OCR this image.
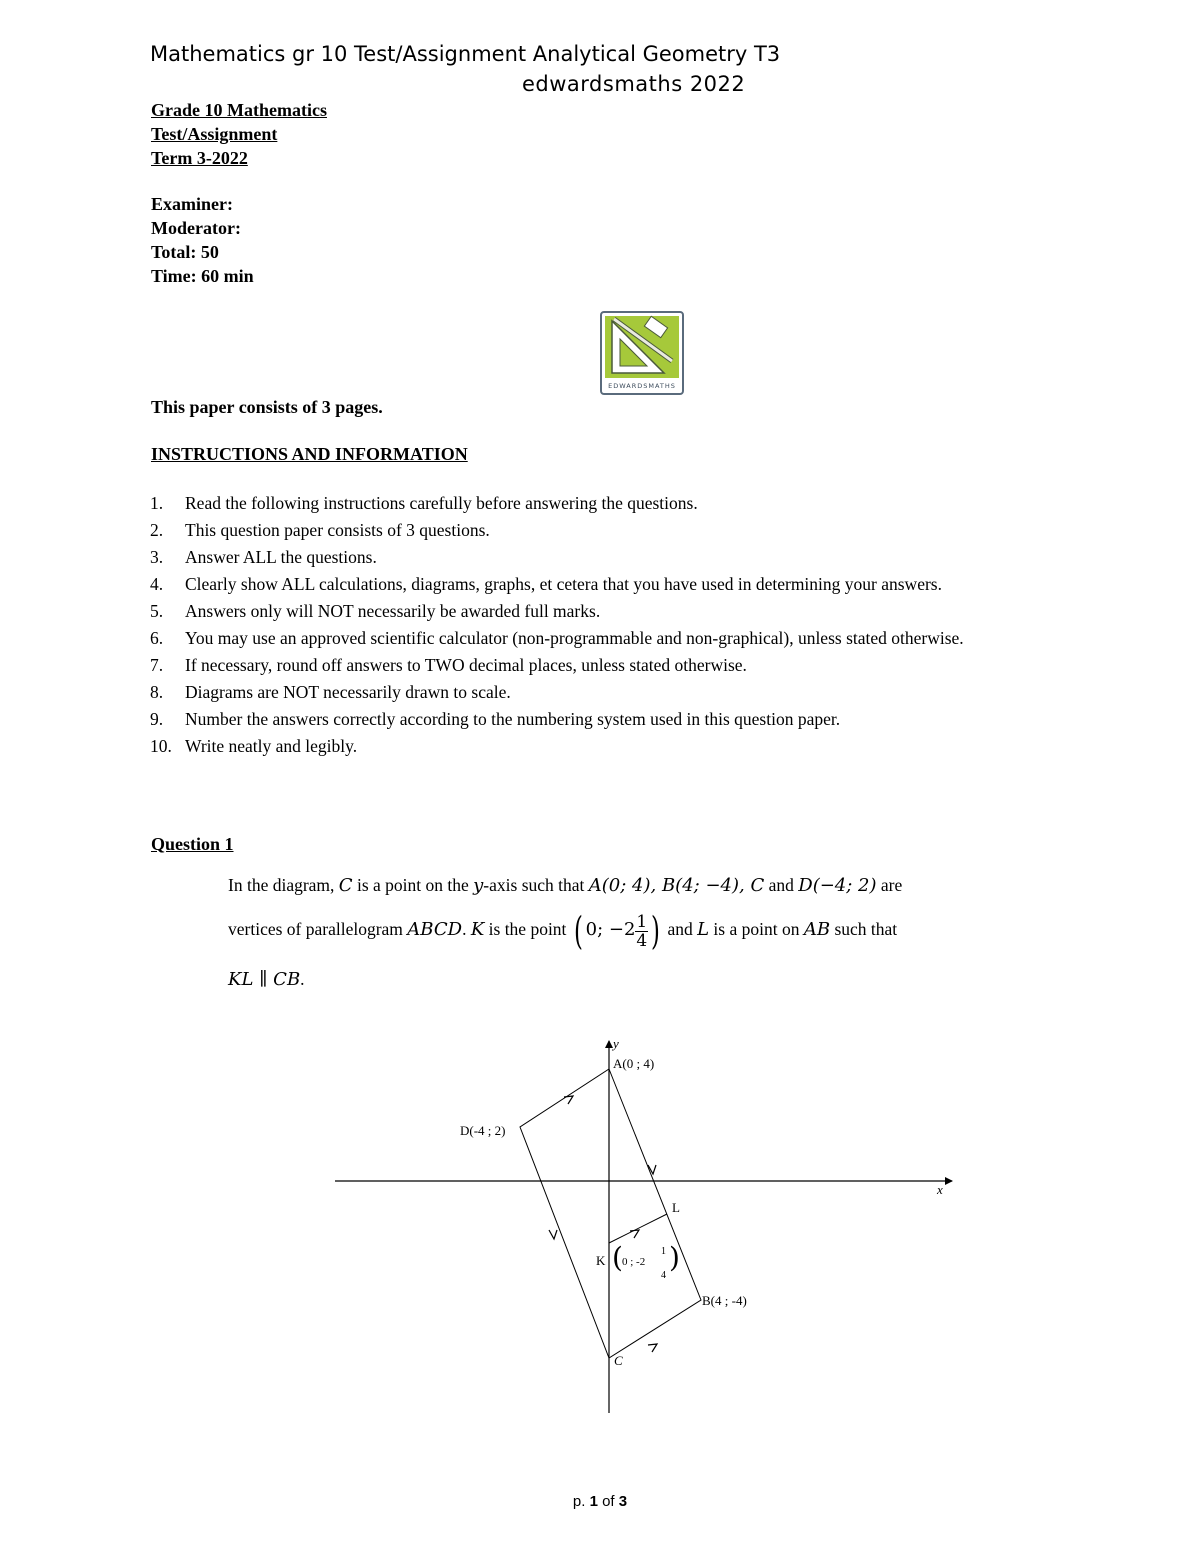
Mathematics gr 10 Test/Assignment Analytical Geometry T3
edwardsmaths 2022
Grade 10 Mathematics
Test/Assignment
Term 3-2022
Examiner:
Moderator:
Total: 50
Time: 60 min
EDWARDSMATHS
This paper consists of 3 pages.
INSTRUCTIONS AND INFORMATION
1. Read the following instructions carefully before answering the questions.
2. This question paper consists of 3 questions.
3. Answer ALL the questions.
4. Clearly show ALL calculations, diagrams, graphs, et cetera that you have used in determining your answers.
5. Answers only will NOT necessarily be awarded full marks.
6. You may use an approved scientific calculator (non-programmable and non-graphical), unless stated otherwise.
7. If necessary, round off answers to TWO decimal places, unless stated otherwise.
8. Diagrams are NOT necessarily drawn to scale.
9. Number the answers correctly according to the numbering system used in this question paper.
10. Write neatly and legibly.
Question 1
In the diagram, C is a point on the y-axis such that A(0; 4), B(4; −4), C and D(−4; 2) are
vertices of parallelogram ABCD. K is the point ( 0; $-2 \frac{1}{4}$ ) and L is a point on AB such that
KL ∥ CB.
y
x
A(0 ; 4)
D(-4 ; 2)
L
K ( 0 ; -2
1
4
)
B(4 ; -4)
C
p. 1 of 3
